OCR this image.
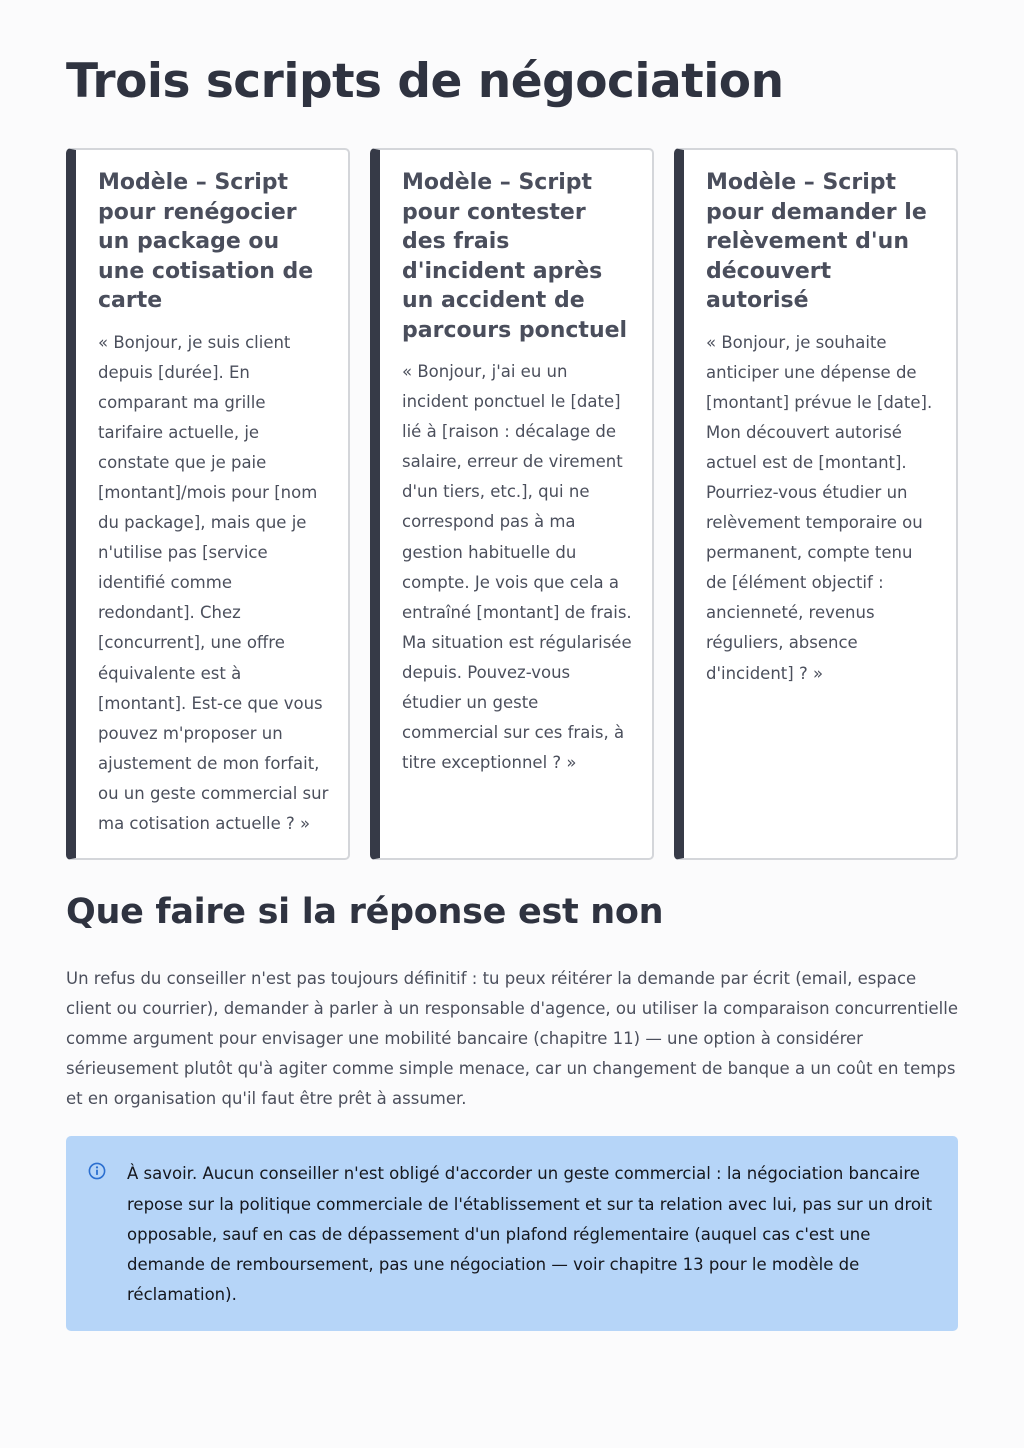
Trois scripts de négociation
Modèle – Script pour renégocier un package ou une cotisation de carte

« Bonjour, je suis client depuis [durée]. En comparant ma grille tarifaire actuelle, je constate que je paie [montant]/mois pour [nom du package], mais que je n'utilise pas [service identifié comme redondant]. Chez [concurrent], une offre équivalente est à [montant]. Est-ce que vous pouvez m'proposer un ajustement de mon forfait, ou un geste commercial sur ma cotisation actuelle ? »

Modèle – Script pour contester des frais d'incident après un accident de parcours ponctuel

« Bonjour, j'ai eu un incident ponctuel le [date] lié à [raison : décalage de salaire, erreur de virement d'un tiers, etc.], qui ne correspond pas à ma gestion habituelle du compte. Je vois que cela a entraîné [montant] de frais. Ma situation est régularisée depuis. Pouvez-vous étudier un geste commercial sur ces frais, à titre exceptionnel ? »

Modèle – Script pour demander le relèvement d'un découvert autorisé

« Bonjour, je souhaite anticiper une dépense de [montant] prévue le [date]. Mon découvert autorisé actuel est de [montant]. Pourriez-vous étudier un relèvement temporaire ou permanent, compte tenu de [élément objectif : ancienneté, revenus réguliers, absence d'incident] ? »

Que faire si la réponse est non

Un refus du conseiller n'est pas toujours définitif : tu peux réitérer la demande par écrit (email, espace client ou courrier), demander à parler à un responsable d'agence, ou utiliser la comparaison concurrentielle comme argument pour envisager une mobilité bancaire (chapitre 11) — une option à considérer sérieusement plutôt qu'à agiter comme simple menace, car un changement de banque a un coût en temps et en organisation qu'il faut être prêt à assumer.

À savoir. Aucun conseiller n'est obligé d'accorder un geste commercial : la négociation bancaire repose sur la politique commerciale de l'établissement et sur ta relation avec lui, pas sur un droit opposable, sauf en cas de dépassement d'un plafond réglementaire (auquel cas c'est une demande de remboursement, pas une négociation — voir chapitre 13 pour le modèle de réclamation).
